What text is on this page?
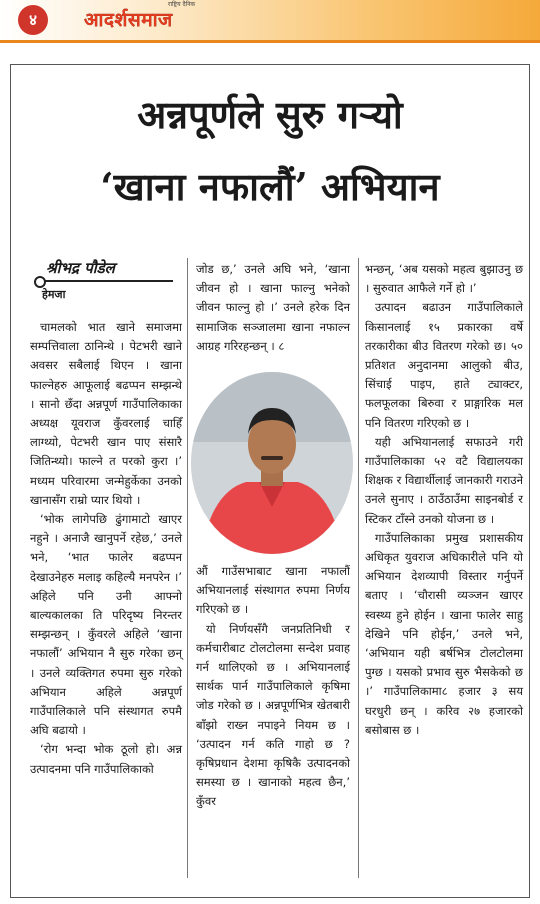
४	आदर्शसमाज
राष्ट्रिय दैनिक
अन्नपूर्णले सुरु गर्‍यो
‘खाना नफालौं’ अभियान
श्रीभद्र पौडेल
हेमजा

चामलको भात खाने समाजमा सम्पत्तिवाला ठानिन्थे । पेटभरी खाने अवसर सबैलाई थिएन । खाना फाल्नेहरु आफूलाई बढप्पन सम्झन्थे । सानो छँदा अन्नपूर्ण गाउँपालिकाका अध्यक्ष यूवराज कुँवरलाई चाहिँ लाग्थ्यो, पेटभरी खान पाए संसारै जितिन्थ्यो। फाल्ने त परको कुरा ।’ मध्यम परिवारमा जन्मेहुर्केका उनको खानासँग राम्रो प्यार थियो ।

‘भोक लागेपछि ढुंगामाटो खाएर नहुने । अनाजै खानुपर्ने रहेछ,’ उनले भने, ‘भात फालेर बढप्पन देखाउनेहरु मलाइ कहिल्यै मनपरेन ।’ अहिले पनि उनी आफ्नो बाल्यकालका ति परिदृष्य निरन्तर सम्झन्छन् । कुँवरले अहिले ‘खाना नफालौं’ अभियान नै सुरु गरेका छन् । उनले व्यक्तिगत रुपमा सुरु गरेको अभियान अहिले अन्नपूर्ण गाउँपालिकाले पनि संस्थागत रुपमै अघि बढायो ।

‘रोग भन्दा भोक ठूलो हो। अन्न उत्पादनमा पनि गाउँपालिकाको

जोड छ,’ उनले अघि भने, ‘खाना जीवन हो । खाना फाल्नु भनेको जीवन फाल्नु हो ।’ उनले हरेक दिन सामाजिक सञ्जालमा खाना नफाल्न आग्रह गरिरहन्छन् । ८

औं गाउँसभाबाट खाना नफालौं अभियानलाई संस्थागत रुपमा निर्णय गरिएको छ ।

यो निर्णयसँगै जनप्रतिनिधी र कर्मचारीबाट टोलटोलमा सन्देश प्रवाह गर्न थालिएको छ । अभियानलाई सार्थक पार्न गाउँपालिकाले कृषिमा जोड गरेको छ । अन्नपूर्णभित्र खेतबारी बाँझो राख्न नपाइने नियम छ । ‘उत्पादन गर्न कति गाहो छ ? कृषिप्रधान देशमा कृषिकै उत्पादनको समस्या छ । खानाको महत्व छैन,’ कुँवर

भन्छन्, ‘अब यसको महत्व बुझाउनु छ । सुरुवात आफैले गर्ने हो ।’

उत्पादन बढाउन गाउँपालिकाले किसानलाई १५ प्रकारका वर्षे तरकारीका बीउ वितरण गरेको छ। ५० प्रतिशत अनुदानमा आलुको बीउ, सिंचाई पाइप, हाते ट्याक्टर, फलफूलका बिरुवा र प्राङ्गारिक मल पनि वितरण गरिएको छ ।

यही अभियानलाई सफाउने गरी गाउँपालिकाका ५२ वटै विद्यालयका शिक्षक र विद्यार्थीलाई जानकारी गराउने उनले सुनाए । ठाउँठाउँमा साइनबोर्ड र स्टिकर टाँस्ने उनको योजना छ ।

गाउँपालिकाका प्रमुख प्रशासकीय अधिकृत युवराज अधिकारीले पनि यो अभियान देशव्यापी विस्तार गर्नुपर्ने बताए । ‘चौरासी व्यञ्जन खाएर स्वस्थ्य हुने होईन । खाना फालेर साहु देखिने पनि होईन,’ उनले भने, ‘अभियान यही बर्षभित्र टोलटोलमा पुग्छ । यसको प्रभाव सुरु भैसकेको छ ।’ गाउँपालिकामा८ हजार ३ सय घरधुरी छन् । करिव २७ हजारको बसोबास छ ।
